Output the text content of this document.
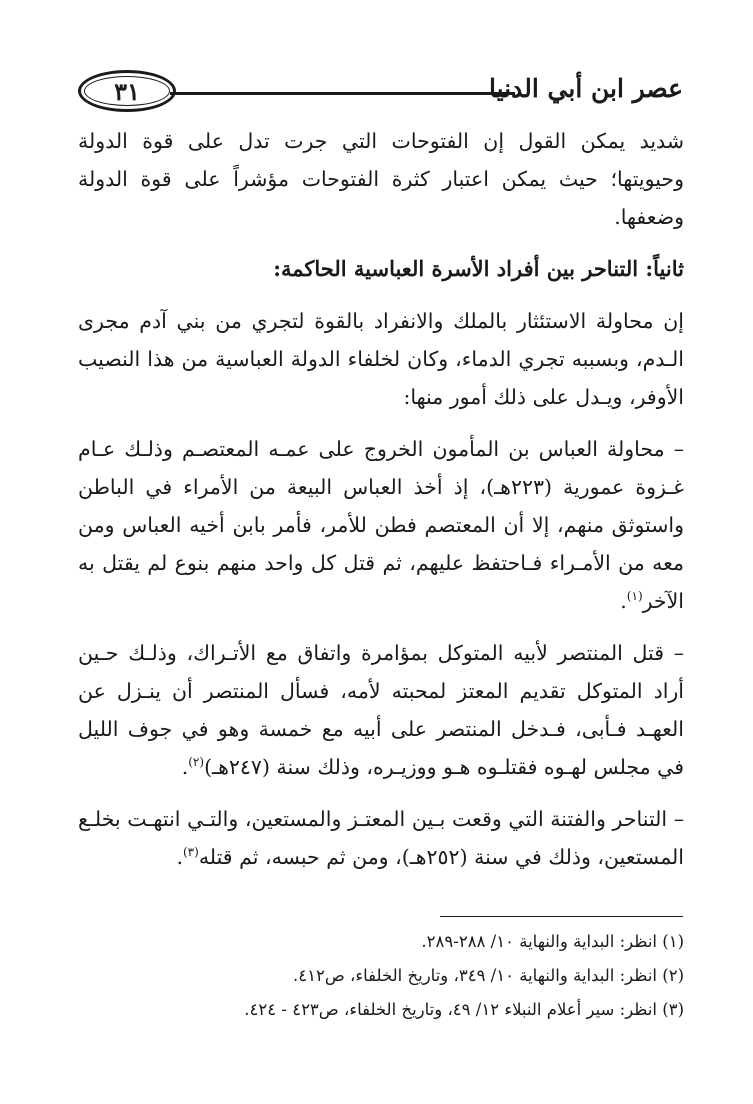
٣١	عصر ابن أبي الدنيا

شديد يمكن القول إن الفتوحات التي جرت تدل على قوة الدولة وحيويتها؛ حيث يمكن اعتبار كثرة الفتوحات مؤشراً على قوة الدولة وضعفها.

ثانياً: التناحر بين أفراد الأسرة العباسية الحاكمة:

إن محاولة الاستئثار بالملك والانفراد بالقوة لتجري من بني آدم مجرى الـدم، وبسببه تجري الدماء، وكان لخلفاء الدولة العباسية من هذا النصيب الأوفر، ويـدل على ذلك أمور منها:

– محاولة العباس بن المأمون الخروج على عمـه المعتصـم وذلـك عـام غـزوة عمورية (٢٢٣هـ)، إذ أخذ العباس البيعة من الأمراء في الباطن واستوثق منهم، إلا أن المعتصم فطن للأمر، فأمر بابن أخيه العباس ومن معه من الأمـراء فـاحتفظ عليهم، ثم قتل كل واحد منهم بنوع لم يقتل به الآخر$^{(١)}$.

– قتل المنتصر لأبيه المتوكل بمؤامرة واتفاق مع الأتـراك، وذلـك حـين أراد المتوكل تقديم المعتز لمحبته لأمه، فسأل المنتصر أن ينـزل عن العهـد فـأبى، فـدخل المنتصر على أبيه مع خمسة وهو في جوف الليل في مجلس لهـوه فقتلـوه هـو ووزيـره، وذلك سنة (٢٤٧هـ)$^{(٢)}$.

– التناحر والفتنة التي وقعت بـين المعتـز والمستعين، والتـي انتهـت بخلـع المستعين، وذلك في سنة (٢٥٢هـ)، ومن ثم حبسه، ثم قتله$^{(٣)}$.

(١) انظر: البداية والنهاية ١٠/ ٢٨٨-٢٨٩.

(٢) انظر: البداية والنهاية ١٠/ ٣٤٩، وتاريخ الخلفاء، ص٤١٢.

(٣) انظر: سير أعلام النبلاء ١٢/ ٤٩، وتاريخ الخلفاء، ص٤٢٣ - ٤٢٤.
